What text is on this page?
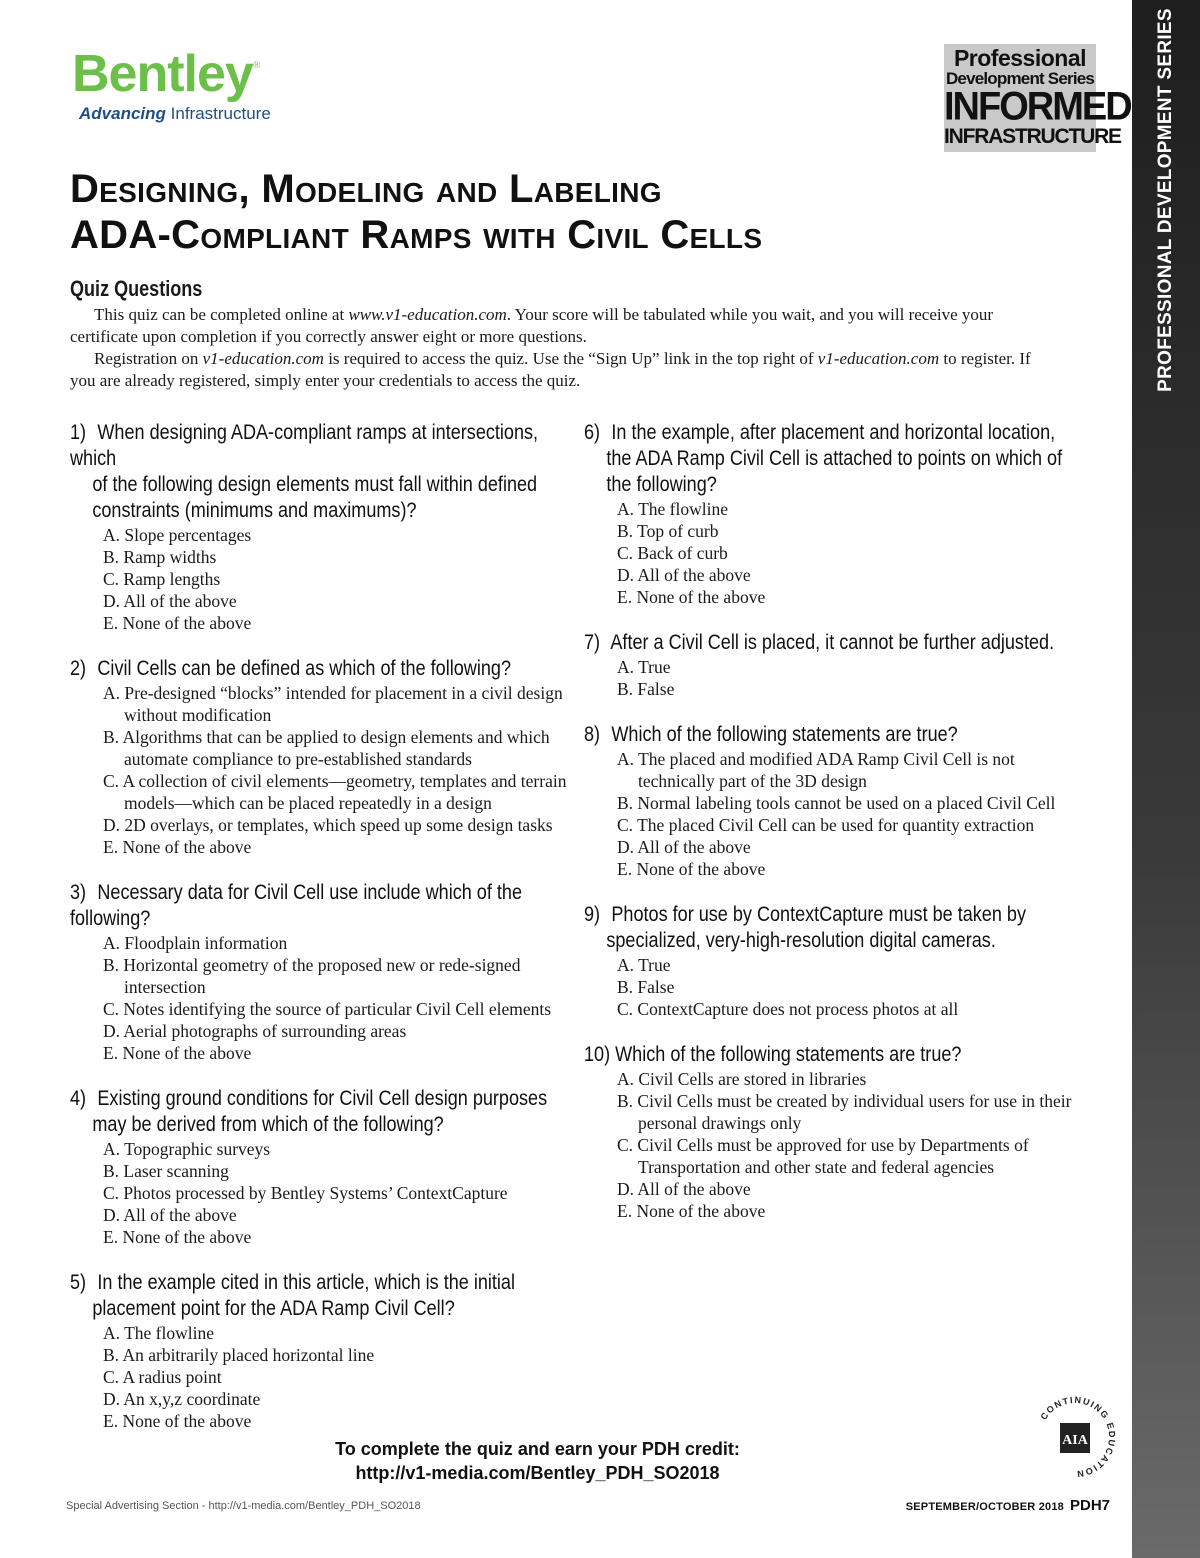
PROFESSIONAL DEVELOPMENT SERIES
Bentley®
Advancing Infrastructure
Professional
Development Series
INFORMED
INFRASTRUCTURE
Designing, Modeling and Labeling
ADA-Compliant Ramps with Civil Cells
Quiz Questions

This quiz can be completed online at www.v1-education.com. Your score will be tabulated while you wait, and you will receive your certificate upon completion if you correctly answer eight or more questions.

Registration on v1-education.com is required to access the quiz. Use the “Sign Up” link in the top right of v1-education.com to register. If you are already registered, simply enter your credentials to access the quiz.

1) When designing ADA-compliant ramps at intersections, which
of the following design elements must fall within defined constraints (minimums and maximums)?
A. Slope percentages
B. Ramp widths
C. Ramp lengths
D. All of the above
E. None of the above
2) Civil Cells can be defined as which of the following?
A. Pre-designed “blocks” intended for placement in a civil design without modification
B. Algorithms that can be applied to design elements and which automate compliance to pre-established standards
C. A collection of civil elements—geometry, templates and terrain models—which can be placed repeatedly in a design
D. 2D overlays, or templates, which speed up some design tasks
E. None of the above
3) Necessary data for Civil Cell use include which of the following?
A. Floodplain information
B. Horizontal geometry of the proposed new or rede-signed intersection
C. Notes identifying the source of particular Civil Cell elements
D. Aerial photographs of surrounding areas
E. None of the above
4) Existing ground conditions for Civil Cell design purposes
may be derived from which of the following?
A. Topographic surveys
B. Laser scanning
C. Photos processed by Bentley Systems’ ContextCapture
D. All of the above
E. None of the above
5) In the example cited in this article, which is the initial
placement point for the ADA Ramp Civil Cell?
A. The flowline
B. An arbitrarily placed horizontal line
C. A radius point
D. An x,y,z coordinate
E. None of the above
6) In the example, after placement and horizontal location,
the ADA Ramp Civil Cell is attached to points on which of the following?
A. The flowline
B. Top of curb
C. Back of curb
D. All of the above
E. None of the above
7) After a Civil Cell is placed, it cannot be further adjusted.
A. True
B. False
8) Which of the following statements are true?
A. The placed and modified ADA Ramp Civil Cell is not technically part of the 3D design
B. Normal labeling tools cannot be used on a placed Civil Cell
C. The placed Civil Cell can be used for quantity extraction
D. All of the above
E. None of the above
9) Photos for use by ContextCapture must be taken by
specialized, very-high-resolution digital cameras.
A. True
B. False
C. ContextCapture does not process photos at all
10) Which of the following statements are true?
A. Civil Cells are stored in libraries
B. Civil Cells must be created by individual users for use in their personal drawings only
C. Civil Cells must be approved for use by Departments of Transportation and other state and federal agencies
D. All of the above
E. None of the above
To complete the quiz and earn your PDH credit:
http://v1-media.com/Bentley_PDH_SO2018
CONTINUING EDUCATION
AIA
Special Advertising Section - http://v1-media.com/Bentley_PDH_SO2018	SEPTEMBER/OCTOBER 2018 PDH7
